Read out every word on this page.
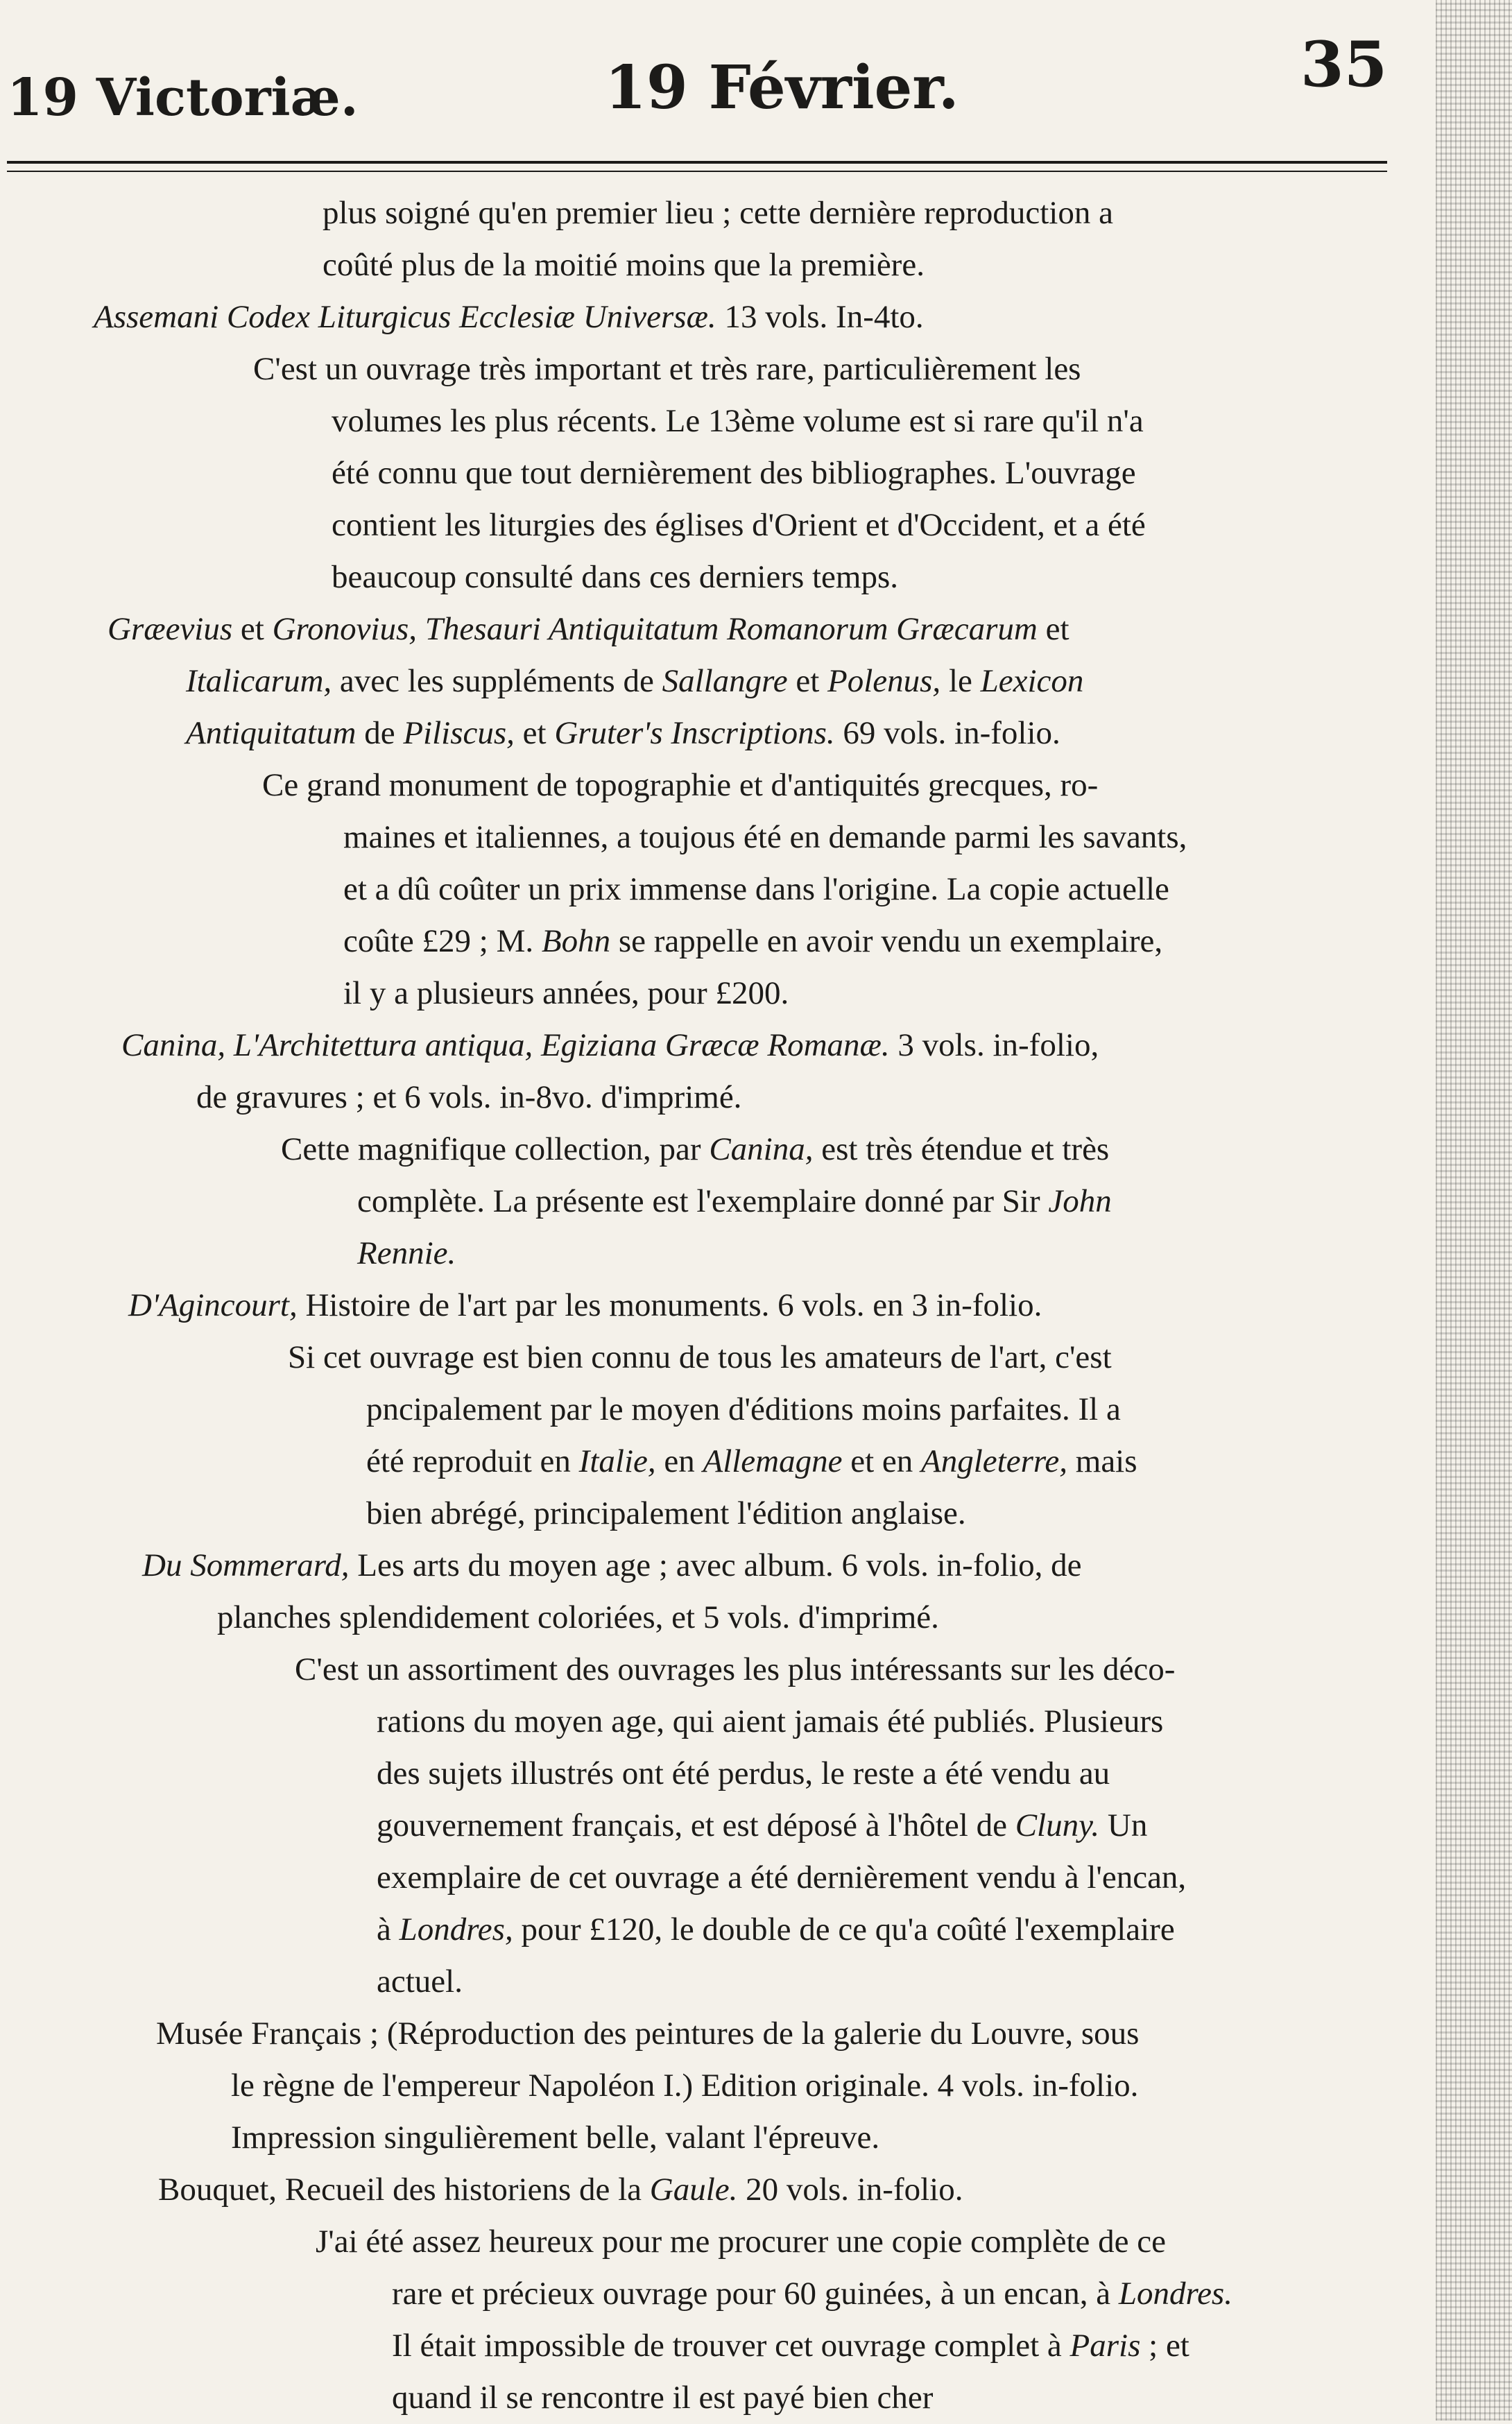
19 Victoriæ.	19 Février.	35
plus soigné qu'en premier lieu ; cette dernière reproduction a
coûté plus de la moitié moins que la première.
Assemani Codex Liturgicus Ecclesiæ Universæ. 13 vols. In-4to.
C'est un ouvrage très important et très rare, particulièrement les
volumes les plus récents. Le 13ème volume est si rare qu'il n'a
été connu que tout dernièrement des bibliographes. L'ouvrage
contient les liturgies des églises d'Orient et d'Occident, et a été
beaucoup consulté dans ces derniers temps.
Græevius et Gronovius, Thesauri Antiquitatum Romanorum Græcarum et
Italicarum, avec les suppléments de Sallangre et Polenus, le Lexicon
Antiquitatum de Piliscus, et Gruter's Inscriptions. 69 vols. in-folio.
Ce grand monument de topographie et d'antiquités grecques, ro-
maines et italiennes, a toujous été en demande parmi les savants,
et a dû coûter un prix immense dans l'origine. La copie actuelle
coûte £29 ; M. Bohn se rappelle en avoir vendu un exemplaire,
il y a plusieurs années, pour £200.
Canina, L'Architettura antiqua, Egiziana Græcæ Romanæ. 3 vols. in-folio,
de gravures ; et 6 vols. in-8vo. d'imprimé.
Cette magnifique collection, par Canina, est très étendue et très
complète. La présente est l'exemplaire donné par Sir John
Rennie.
D'Agincourt, Histoire de l'art par les monuments. 6 vols. en 3 in-folio.
Si cet ouvrage est bien connu de tous les amateurs de l'art, c'est
pncipalement par le moyen d'éditions moins parfaites. Il a
été reproduit en Italie, en Allemagne et en Angleterre, mais
bien abrégé, principalement l'édition anglaise.
Du Sommerard, Les arts du moyen age ; avec album. 6 vols. in-folio, de
planches splendidement coloriées, et 5 vols. d'imprimé.
C'est un assortiment des ouvrages les plus intéressants sur les déco-
rations du moyen age, qui aient jamais été publiés. Plusieurs
des sujets illustrés ont été perdus, le reste a été vendu au
gouvernement français, et est déposé à l'hôtel de Cluny. Un
exemplaire de cet ouvrage a été dernièrement vendu à l'encan,
à Londres, pour £120, le double de ce qu'a coûté l'exemplaire
actuel.
Musée Français ; (Réproduction des peintures de la galerie du Louvre, sous
le règne de l'empereur Napoléon I.) Edition originale. 4 vols. in-folio.
Impression singulièrement belle, valant l'épreuve.
Bouquet, Recueil des historiens de la Gaule. 20 vols. in-folio.
J'ai été assez heureux pour me procurer une copie complète de ce
rare et précieux ouvrage pour 60 guinées, à un encan, à Londres.
Il était impossible de trouver cet ouvrage complet à Paris ; et
quand il se rencontre il est payé bien cher
